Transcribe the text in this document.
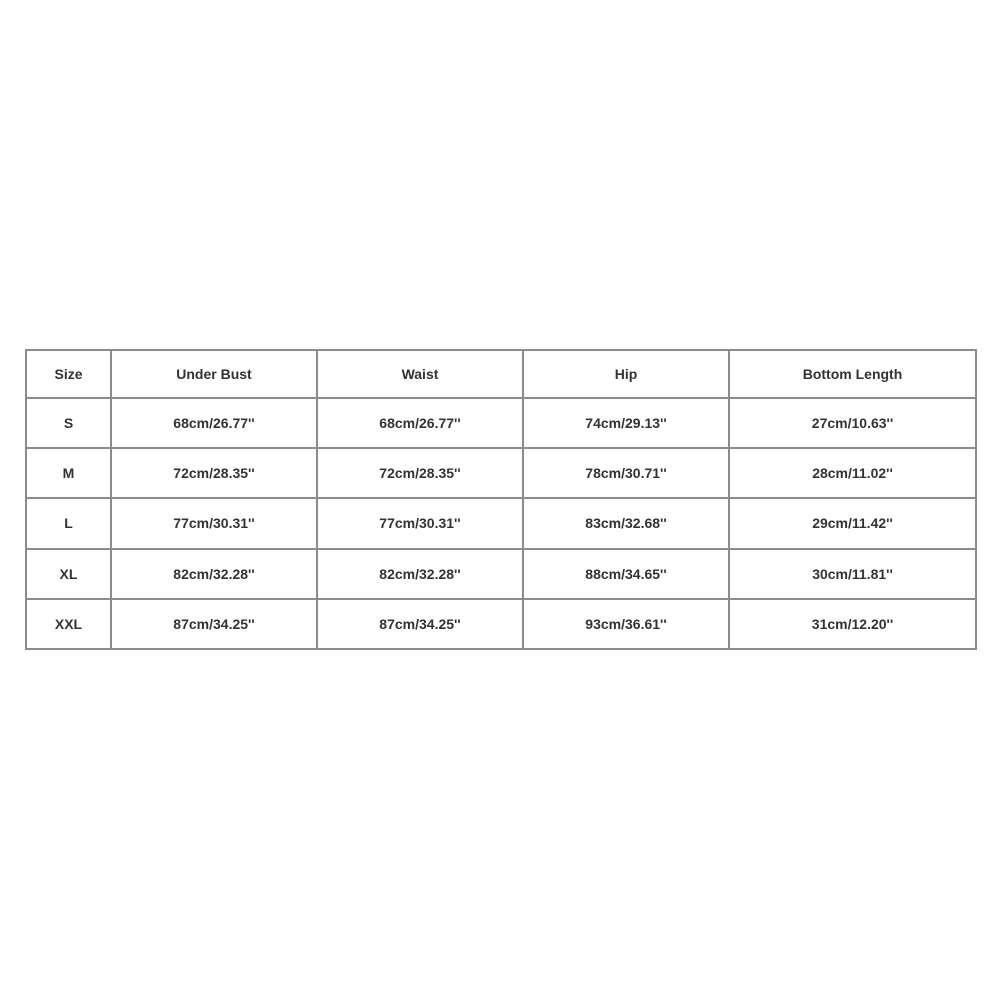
Size	Under Bust	Waist	Hip	Bottom Length
S	68cm/26.77''	68cm/26.77''	74cm/29.13''	27cm/10.63''
M	72cm/28.35''	72cm/28.35''	78cm/30.71''	28cm/11.02''
L	77cm/30.31''	77cm/30.31''	83cm/32.68''	29cm/11.42''
XL	82cm/32.28''	82cm/32.28''	88cm/34.65''	30cm/11.81''
XXL	87cm/34.25''	87cm/34.25''	93cm/36.61''	31cm/12.20''
